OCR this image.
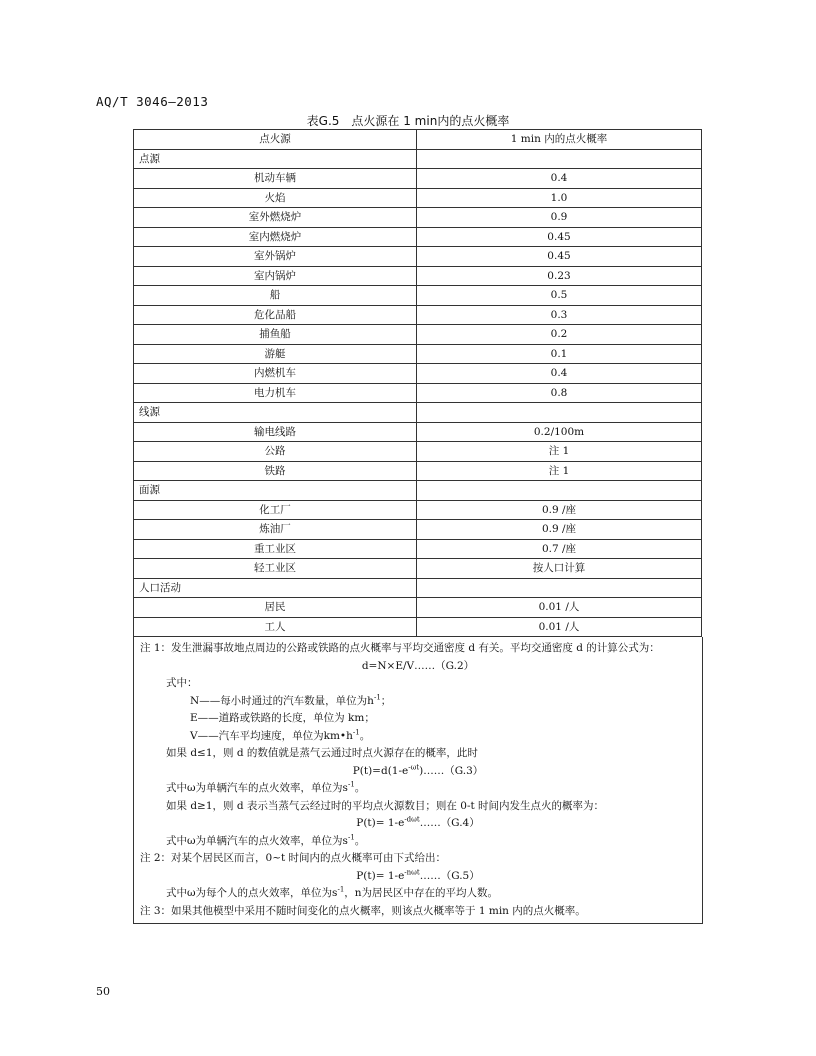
AQ/T 3046—2013
表G.5　点火源在 1 min内的点火概率
点火源	1 min 内的点火概率
点源	
机动车辆	0.4
火焰	1.0
室外燃烧炉	0.9
室内燃烧炉	0.45
室外锅炉	0.45
室内锅炉	0.23
船	0.5
危化品船	0.3
捕鱼船	0.2
游艇	0.1
内燃机车	0.4
电力机车	0.8
线源	
输电线路	0.2/100m
公路	注 1
铁路	注 1
面源	
化工厂	0.9 /座
炼油厂	0.9 /座
重工业区	0.7 /座
轻工业区	按人口计算
人口活动	
居民	0.01 /人
工人	0.01 /人

注 1：发生泄漏事故地点周边的公路或铁路的点火概率与平均交通密度 d 有关。平均交通密度 d 的计算公式为：

d=N×E/V……（G.2）

式中：

N——每小时通过的汽车数量，单位为$h^{-1}$；

E——道路或铁路的长度，单位为 km；

V——汽车平均速度，单位为$km•h^{-1}$。

如果 d≤1，则 d 的数值就是蒸气云通过时点火源存在的概率，此时

$P(t)=d(1-e^{-\omega t})\dots\dots(G.3)$

式中ω为单辆汽车的点火效率，单位为$s^{-1}$。

如果 d≥1，则 d 表示当蒸气云经过时的平均点火源数目；则在 0-t 时间内发生点火的概率为：

$P(t)= 1-e^{-d\omega t}\dots\dots(G.4)$

式中ω为单辆汽车的点火效率，单位为$s^{-1}$。

注 2：对某个居民区而言，0~t 时间内的点火概率可由下式给出：

$P(t)= 1-e^{-n\omega t}\dots\dots(G.5)$

式中ω为每个人的点火效率，单位为$s^{-1}$，n为居民区中存在的平均人数。

注 3：如果其他模型中采用不随时间变化的点火概率，则该点火概率等于 1 min 内的点火概率。

50
